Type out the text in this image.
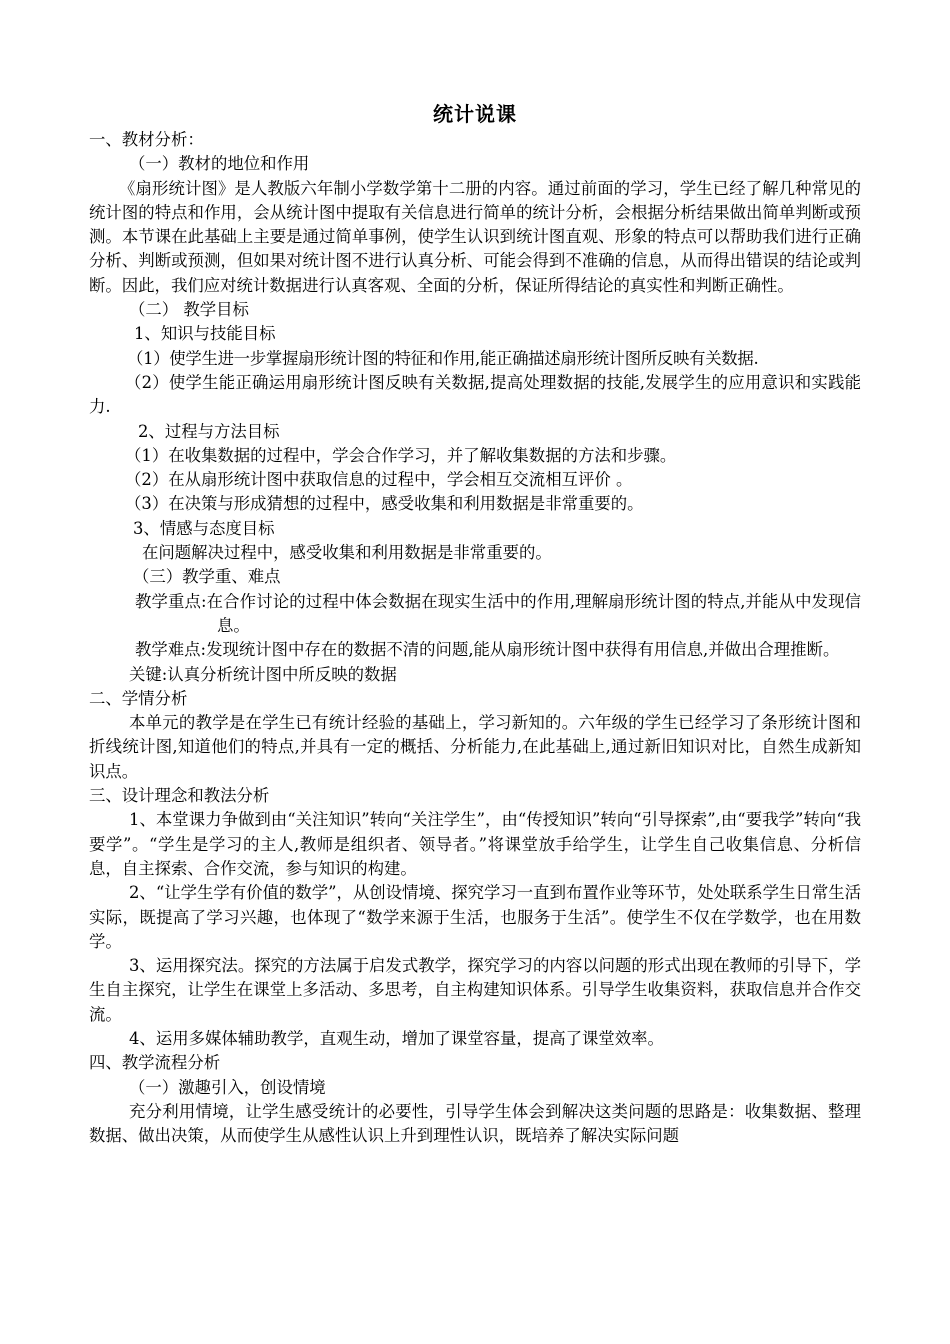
统计说课

一、教材分析：

（一）教材的地位和作用

《扇形统计图》是人教版六年制小学数学第十二册的内容。通过前面的学习，学生已经了解几种常见的统计图的特点和作用，会从统计图中提取有关信息进行简单的统计分析，会根据分析结果做出简单判断或预测。本节课在此基础上主要是通过简单事例，使学生认识到统计图直观、形象的特点可以帮助我们进行正确分析、判断或预测，但如果对统计图不进行认真分析、可能会得到不准确的信息，从而得出错误的结论或判断。因此，我们应对统计数据进行认真客观、全面的分析，保证所得结论的真实性和判断正确性。

（二） 教学目标

1、知识与技能目标

（1）使学生进一步掌握扇形统计图的特征和作用,能正确描述扇形统计图所反映有关数据.

（2）使学生能正确运用扇形统计图反映有关数据,提高处理数据的技能,发展学生的应用意识和实践能力.

2、过程与方法目标

（1）在收集数据的过程中，学会合作学习，并了解收集数据的方法和步骤。

（2）在从扇形统计图中获取信息的过程中，学会相互交流相互评价 。

（3）在决策与形成猜想的过程中，感受收集和利用数据是非常重要的。

3、情感与态度目标

在问题解决过程中，感受收集和利用数据是非常重要的。

（三）教学重、难点

教学重点:在合作讨论的过程中体会数据在现实生活中的作用,理解扇形统计图的特点,并能从中发现信息。

教学难点:发现统计图中存在的数据不清的问题,能从扇形统计图中获得有用信息,并做出合理推断。

关键:认真分析统计图中所反映的数据

二、学情分析

本单元的教学是在学生已有统计经验的基础上，学习新知的。六年级的学生已经学习了条形统计图和折线统计图,知道他们的特点,并具有一定的概括、分析能力,在此基础上,通过新旧知识对比，自然生成新知识点。

三、设计理念和教法分析

1、本堂课力争做到由“关注知识”转向“关注学生”，由“传授知识”转向“引导探索”,由“要我学”转向“我要学”。“学生是学习的主人,教师是组织者、领导者。”将课堂放手给学生，让学生自己收集信息、分析信息，自主探索、合作交流，参与知识的构建。

2、“让学生学有价值的数学”，从创设情境、探究学习一直到布置作业等环节，处处联系学生日常生活实际，既提高了学习兴趣，也体现了“数学来源于生活，也服务于生活”。使学生不仅在学数学，也在用数学。

3、运用探究法。探究的方法属于启发式教学，探究学习的内容以问题的形式出现在教师的引导下，学生自主探究，让学生在课堂上多活动、多思考，自主构建知识体系。引导学生收集资料，获取信息并合作交流。

4、运用多媒体辅助教学，直观生动，增加了课堂容量，提高了课堂效率。

四、教学流程分析

（一）激趣引入，创设情境

充分利用情境，让学生感受统计的必要性，引导学生体会到解决这类问题的思路是：收集数据、整理数据、做出决策，从而使学生从感性认识上升到理性认识，既培养了解决实际问题
